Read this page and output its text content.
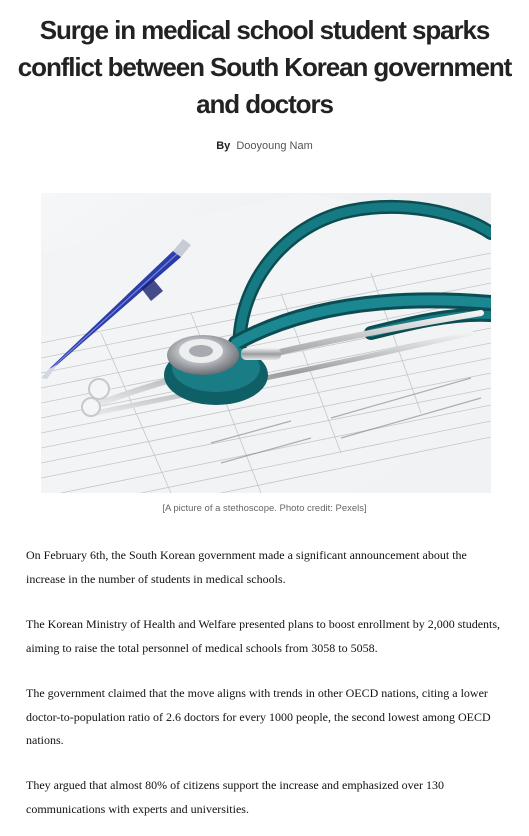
Surge in medical school student sparks conflict between South Korean government and doctors
By Dooyoung Nam
[A picture of a stethoscope. Photo credit: Pexels]

On February 6th, the South Korean government made a significant announcement about the increase in the number of students in medical schools.

The Korean Ministry of Health and Welfare presented plans to boost enrollment by 2,000 students, aiming to raise the total personnel of medical schools from 3058 to 5058.

The government claimed that the move aligns with trends in other OECD nations, citing a lower doctor-to-population ratio of 2.6 doctors for every 1000 people, the second lowest among OECD nations.

They argued that almost 80% of citizens support the increase and emphasized over 130 communications with experts and universities.
